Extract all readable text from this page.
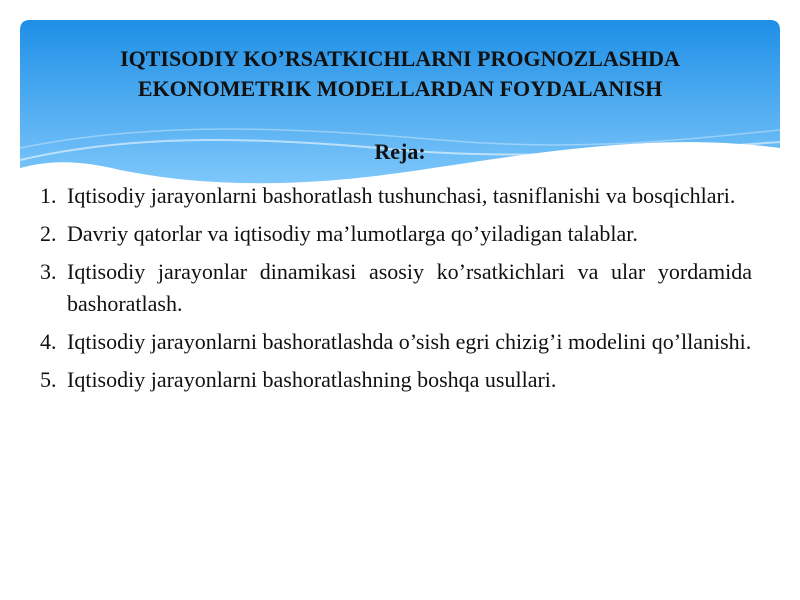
IQTISODIY KOʼRSATKICHLARNI PROGNOZLASHDA
EKONOMETRIK MODELLARDAN FOYDALANISH
Reja:
1. Iqtisodiy jarayonlarni bashoratlash tushunchasi, tasniflanishi va bosqichlari.
2. Davriy qatorlar va iqtisodiy ma’lumotlarga qo’yiladigan talablar.
3. Iqtisodiy jarayonlar dinamikasi asosiy ko’rsatkichlari va ular yordamida bashoratlash.
4. Iqtisodiy jarayonlarni bashoratlashda o’sish egri chizig’i modelini qo’llanishi.
5. Iqtisodiy jarayonlarni bashoratlashning boshqa usullari.
